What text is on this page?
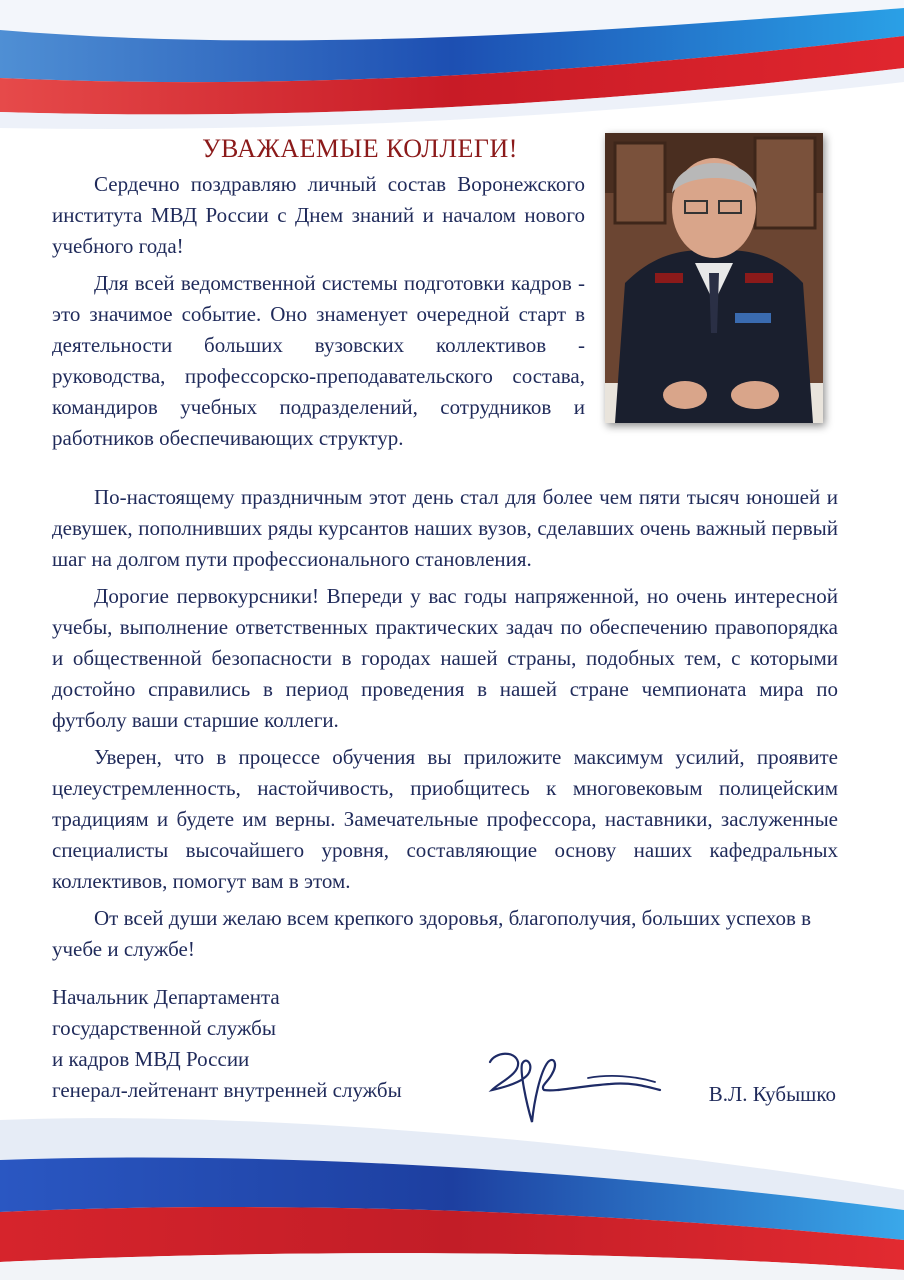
УВАЖАЕМЫЕ КОЛЛЕГИ!

Сердечно поздравляю личный состав Воронежского института МВД России с Днем знаний и началом нового учебного года!

Для всей ведомственной системы подготовки кадров - это значимое событие. Оно знаменует очередной старт в деятельности больших вузовских коллективов - руководства, профессорско-преподавательского состава, командиров учебных подразделений, сотрудников и работников обеспечивающих структур.

По-настоящему праздничным этот день стал для более чем пяти тысяч юношей и девушек, пополнивших ряды курсантов наших вузов, сделавших очень важный первый шаг на долгом пути профессионального становления.

Дорогие первокурсники! Впереди у вас годы напряженной, но очень интересной учебы, выполнение ответственных практических задач по обеспечению правопорядка и общественной безопасности в городах нашей страны, подобных тем, с которыми достойно справились в период проведения в нашей стране чемпионата мира по футболу ваши старшие коллеги.

Уверен, что в процессе обучения вы приложите максимум усилий, проявите целеустремленность, настойчивость, приобщитесь к многовековым полицейским традициям и будете им верны. Замечательные профессора, наставники, заслуженные специалисты высочайшего уровня, составляющие основу наших кафедральных коллективов, помогут вам в этом.

От всей души желаю всем крепкого здоровья, благополучия, больших успехов в учебе и службе!

Начальник Департамента
государственной службы
и кадров МВД России
генерал-лейтенант внутренней службы	В.Л. Кубышко
